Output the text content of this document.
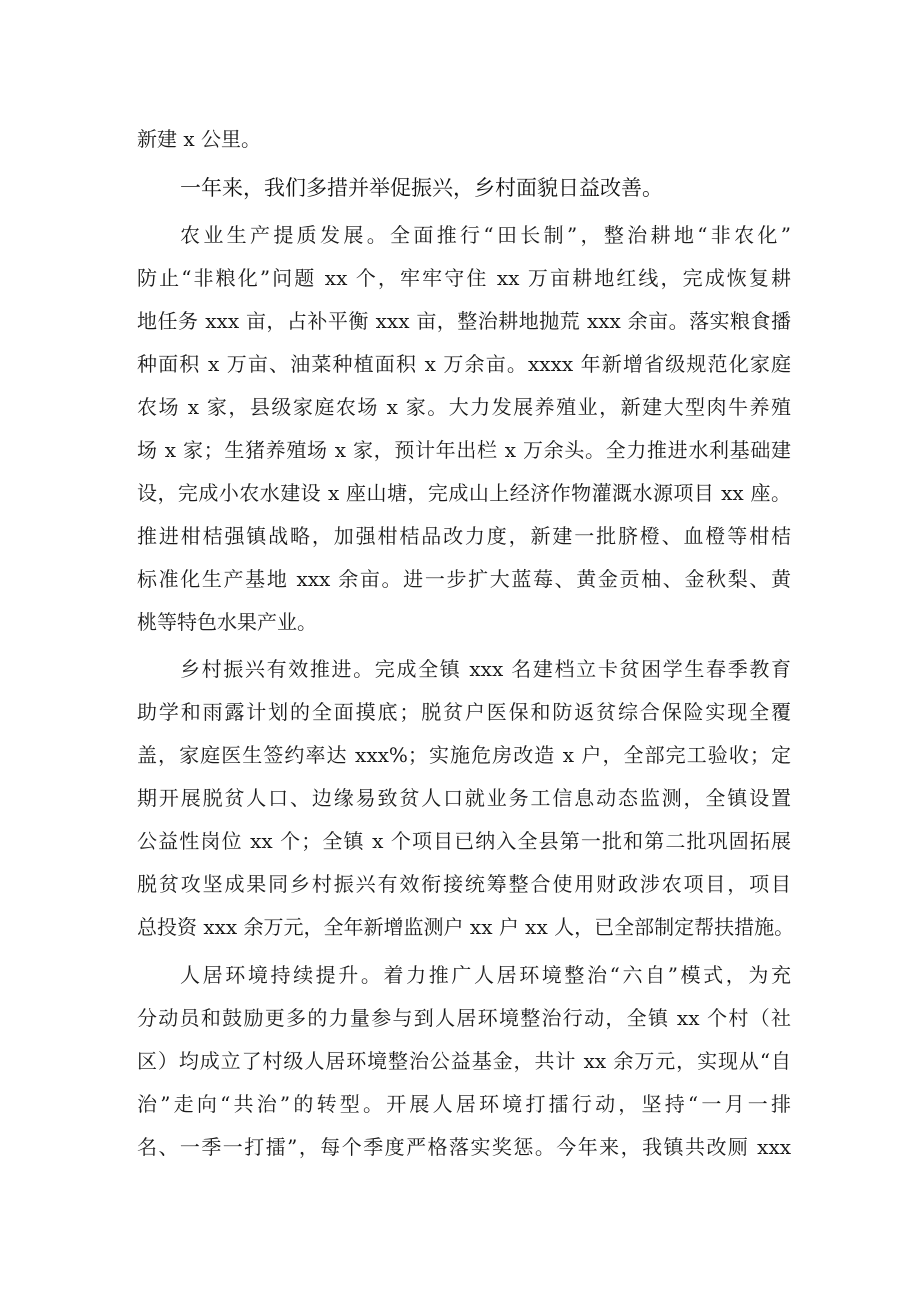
新建 x 公里。
一年来，我们多措并举促振兴，乡村面貌日益改善。
农业生产提质发展。全面推行“田长制”，整治耕地“非农化”
防止“非粮化”问题 xx 个，牢牢守住 xx 万亩耕地红线，完成恢复耕
地任务 xxx 亩，占补平衡 xxx 亩，整治耕地抛荒 xxx 余亩。落实粮食播
种面积 x 万亩、油菜种植面积 x 万余亩。xxxx 年新增省级规范化家庭
农场 x 家，县级家庭农场 x 家。大力发展养殖业，新建大型肉牛养殖
场 x 家；生猪养殖场 x 家，预计年出栏 x 万余头。全力推进水利基础建
设，完成小农水建设 x 座山塘，完成山上经济作物灌溉水源项目 xx 座。
推进柑桔强镇战略，加强柑桔品改力度，新建一批脐橙、血橙等柑桔
标准化生产基地 xxx 余亩。进一步扩大蓝莓、黄金贡柚、金秋梨、黄
桃等特色水果产业。
乡村振兴有效推进。完成全镇 xxx 名建档立卡贫困学生春季教育
助学和雨露计划的全面摸底；脱贫户医保和防返贫综合保险实现全覆
盖，家庭医生签约率达 xxx%；实施危房改造 x 户，全部完工验收；定
期开展脱贫人口、边缘易致贫人口就业务工信息动态监测，全镇设置
公益性岗位 xx 个；全镇 x 个项目已纳入全县第一批和第二批巩固拓展
脱贫攻坚成果同乡村振兴有效衔接统筹整合使用财政涉农项目，项目
总投资 xxx 余万元，全年新增监测户 xx 户 xx 人，已全部制定帮扶措施。
人居环境持续提升。着力推广人居环境整治“六自”模式，为充
分动员和鼓励更多的力量参与到人居环境整治行动，全镇 xx 个村（社
区）均成立了村级人居环境整治公益基金，共计 xx 余万元，实现从“自
治”走向“共治”的转型。开展人居环境打擂行动，坚持“一月一排
名、一季一打擂”，每个季度严格落实奖惩。今年来，我镇共改厕 xxx
